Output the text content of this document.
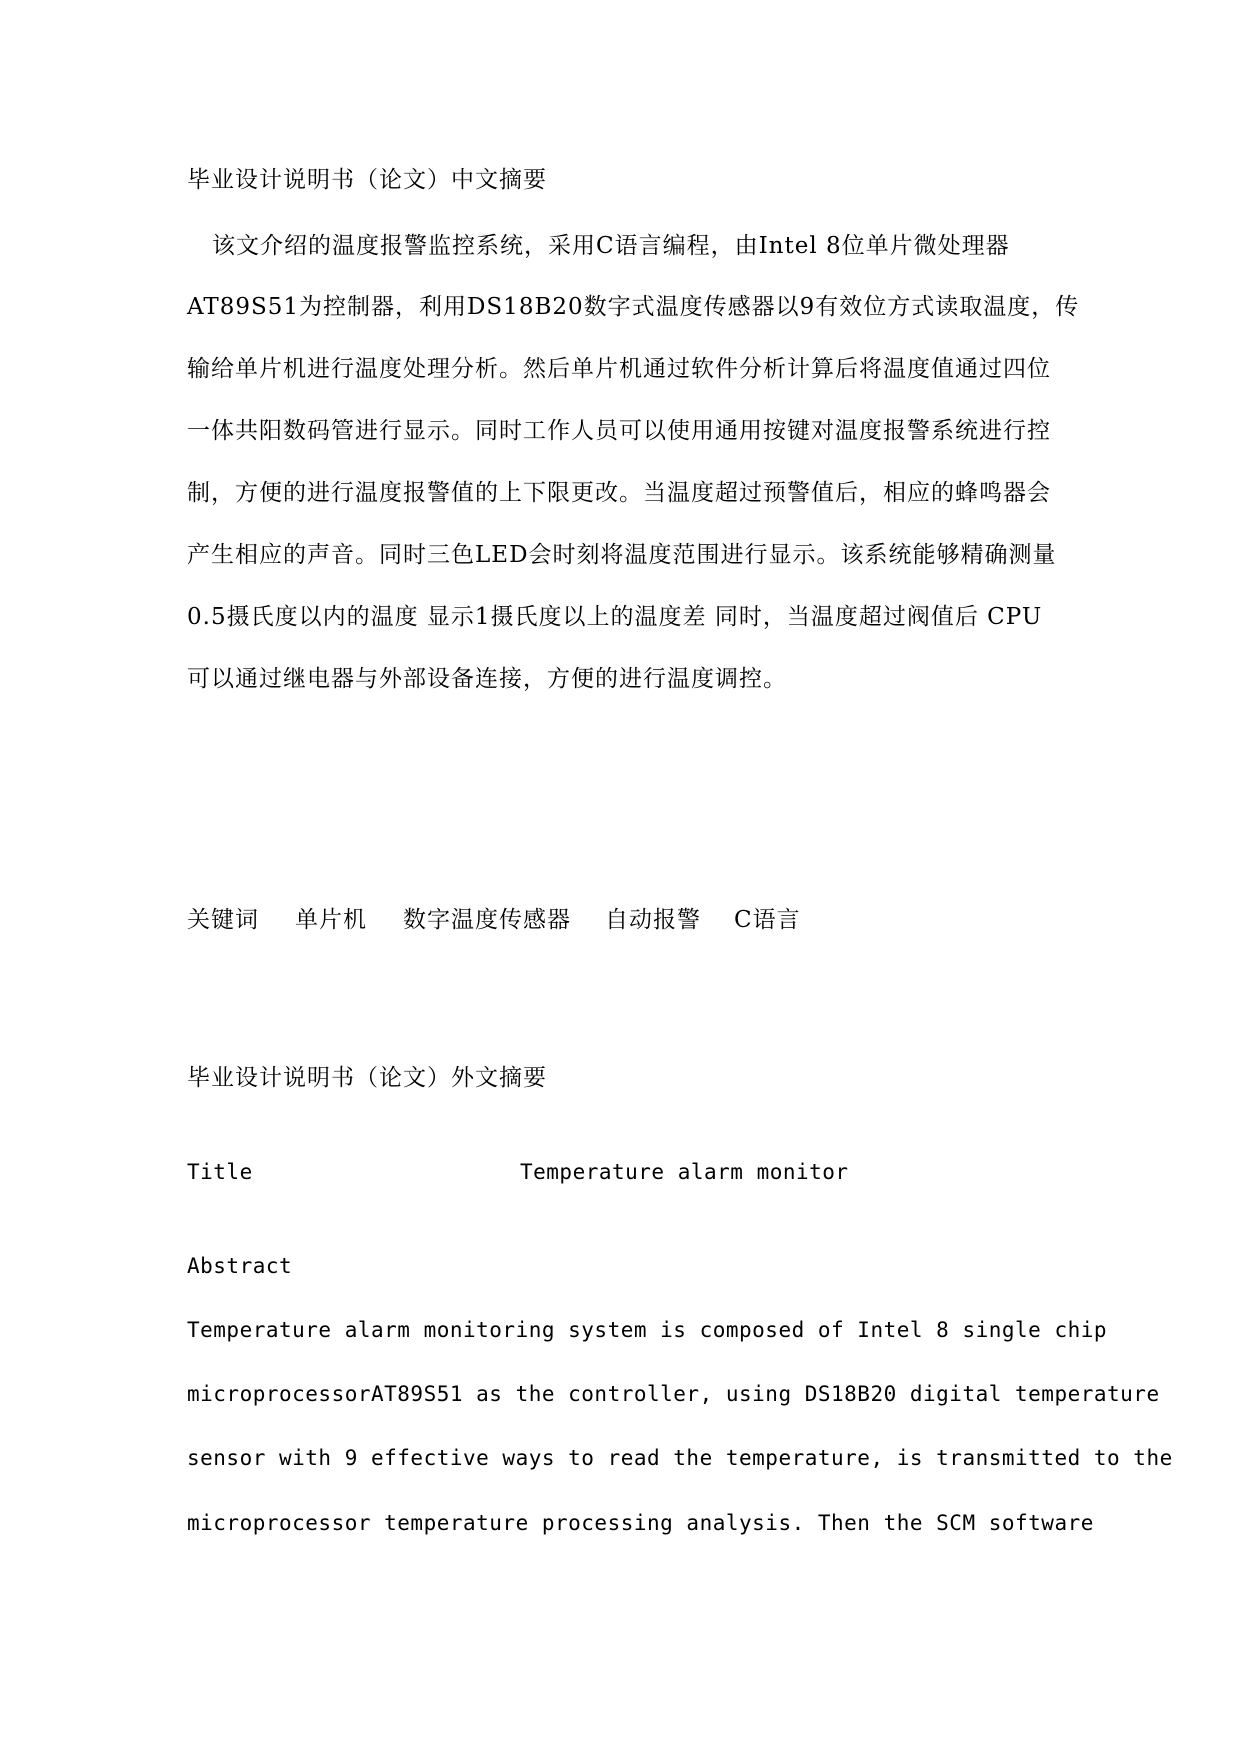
毕业设计说明书（论文）中文摘要
该文介绍的温度报警监控系统，采用C语言编程，由Intel 8位单片微处理器
AT89S51为控制器，利用DS18B20数字式温度传感器以9有效位方式读取温度，传
输给单片机进行温度处理分析。然后单片机通过软件分析计算后将温度值通过四位
一体共阳数码管进行显示。同时工作人员可以使用通用按键对温度报警系统进行控
制，方便的进行温度报警值的上下限更改。当温度超过预警值后，相应的蜂鸣器会
产生相应的声音。同时三色LED会时刻将温度范围进行显示。该系统能够精确测量
0.5摄氏度以内的温度 显示1摄氏度以上的温度差 同时，当温度超过阀值后 CPU
可以通过继电器与外部设备连接，方便的进行温度调控。
关键词 单片机 数字温度传感器 自动报警 C语言
毕业设计说明书（论文）外文摘要
Title	Temperature alarm monitor
Abstract
Temperature alarm monitoring system is composed of Intel 8 single chip
microprocessorAT89S51 as the controller, using DS18B20 digital temperature
sensor with 9 effective ways to read the temperature, is transmitted to the
microprocessor temperature processing analysis. Then the SCM software
